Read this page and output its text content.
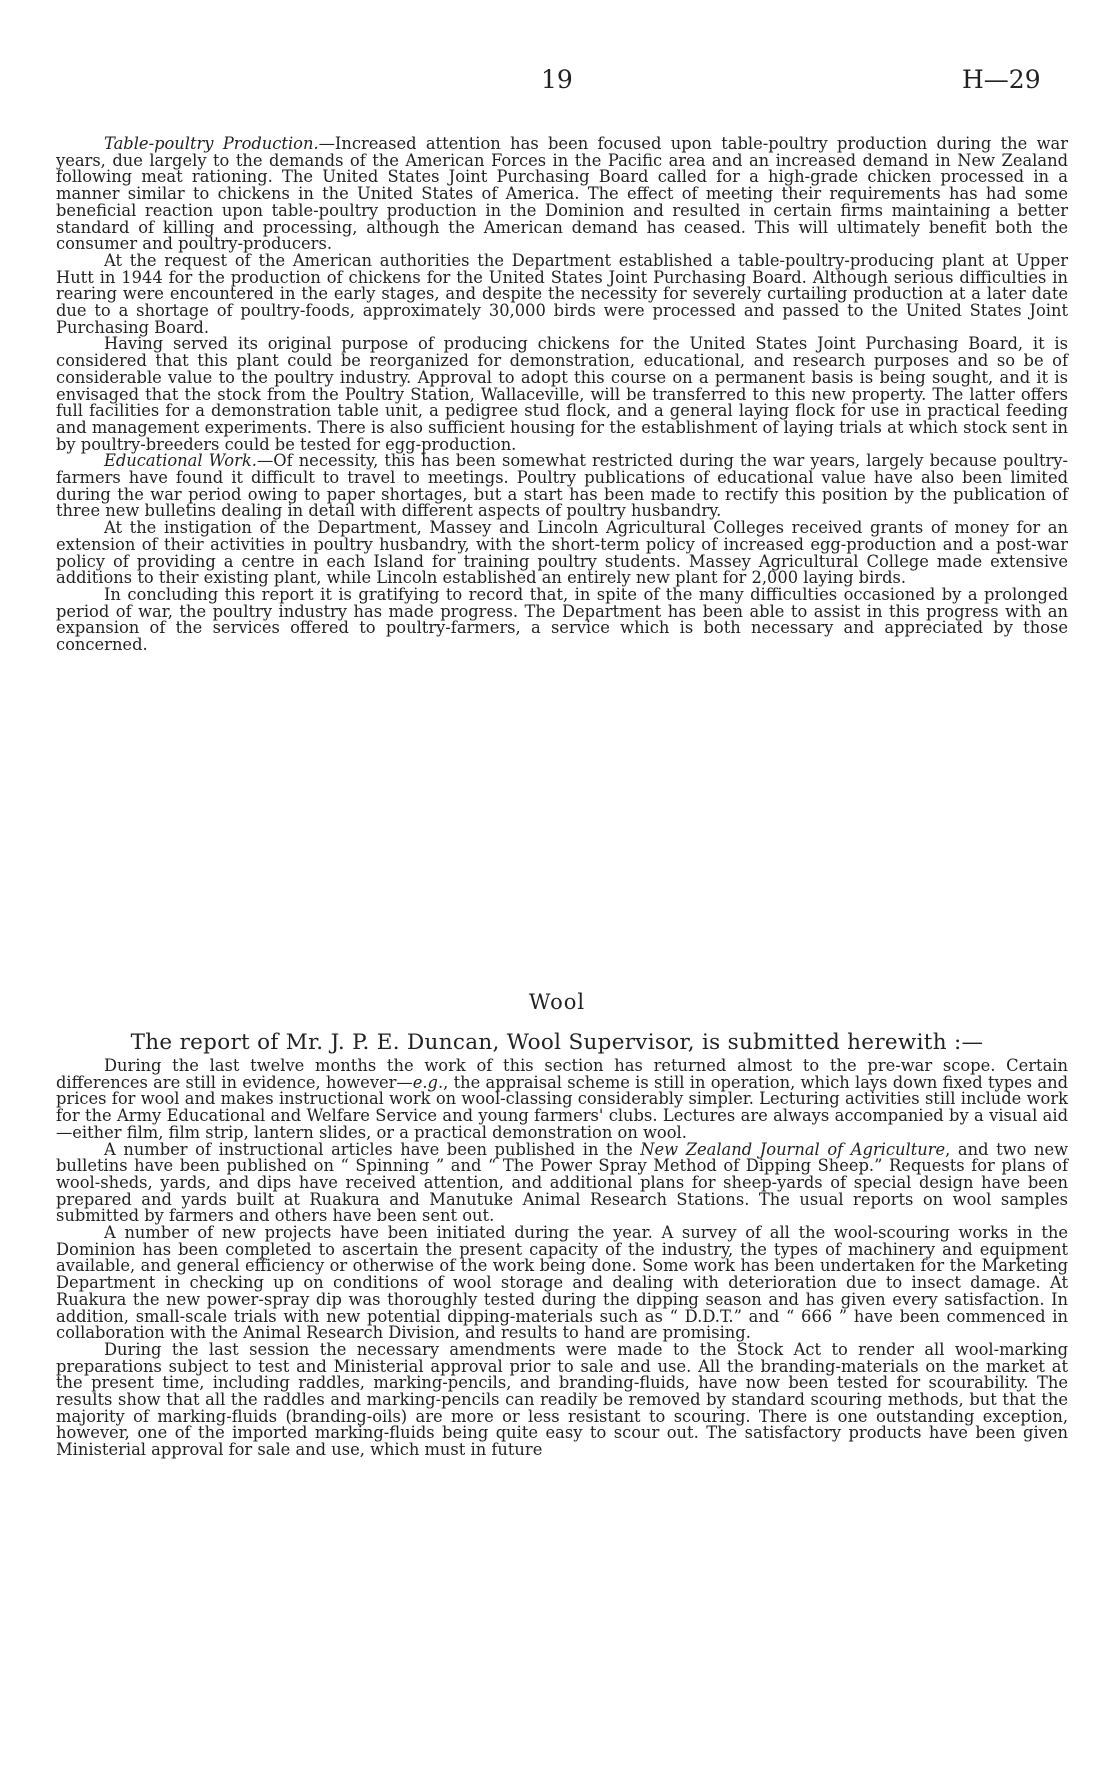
19	H—29

Table-poultry Production.—Increased attention has been focused upon table-poultry production during the war years, due largely to the demands of the American Forces in the Pacific area and an increased demand in New Zealand following meat rationing. The United States Joint Purchasing Board called for a high-grade chicken processed in a manner similar to chickens in the United States of America. The effect of meeting their requirements has had some beneficial reaction upon table-poultry production in the Dominion and resulted in certain firms maintaining a better standard of killing and processing, although the American demand has ceased. This will ultimately benefit both the consumer and poultry-producers.

At the request of the American authorities the Department established a table-poultry-producing plant at Upper Hutt in 1944 for the production of chickens for the United States Joint Purchasing Board. Although serious difficulties in rearing were encountered in the early stages, and despite the necessity for severely curtailing production at a later date due to a shortage of poultry-foods, approximately 30,000 birds were processed and passed to the United States Joint Purchasing Board.

Having served its original purpose of producing chickens for the United States Joint Purchasing Board, it is considered that this plant could be reorganized for demonstration, educational, and research purposes and so be of considerable value to the poultry industry. Approval to adopt this course on a permanent basis is being sought, and it is envisaged that the stock from the Poultry Station, Wallaceville, will be transferred to this new property. The latter offers full facilities for a demonstration table unit, a pedigree stud flock, and a general laying flock for use in practical feeding and management experiments. There is also sufficient housing for the establishment of laying trials at which stock sent in by poultry-breeders could be tested for egg-production.

Educational Work.—Of necessity, this has been somewhat restricted during the war years, largely because poultry-farmers have found it difficult to travel to meetings. Poultry publications of educational value have also been limited during the war period owing to paper shortages, but a start has been made to rectify this position by the publication of three new bulletins dealing in detail with different aspects of poultry husbandry.

At the instigation of the Department, Massey and Lincoln Agricultural Colleges received grants of money for an extension of their activities in poultry husbandry, with the short-term policy of increased egg-production and a post-war policy of providing a centre in each Island for training poultry students. Massey Agricultural College made extensive additions to their existing plant, while Lincoln established an entirely new plant for 2,000 laying birds.

In concluding this report it is gratifying to record that, in spite of the many difficulties occasioned by a prolonged period of war, the poultry industry has made progress. The Department has been able to assist in this progress with an expansion of the services offered to poultry-farmers, a service which is both necessary and appreciated by those concerned.

Wool
The report of Mr. J. P. E. Duncan, Wool Supervisor, is submitted herewith :—

During the last twelve months the work of this section has returned almost to the pre-war scope. Certain differences are still in evidence, however—e.g., the appraisal scheme is still in operation, which lays down fixed types and prices for wool and makes instructional work on wool-classing considerably simpler. Lecturing activities still include work for the Army Educational and Welfare Service and young farmers' clubs. Lectures are always accompanied by a visual aid—either film, film strip, lantern slides, or a practical demonstration on wool.

A number of instructional articles have been published in the New Zealand Journal of Agriculture, and two new bulletins have been published on “ Spinning ” and “ The Power Spray Method of Dipping Sheep.” Requests for plans of wool-sheds, yards, and dips have received attention, and additional plans for sheep-yards of special design have been prepared and yards built at Ruakura and Manutuke Animal Research Stations. The usual reports on wool samples submitted by farmers and others have been sent out.

A number of new projects have been initiated during the year. A survey of all the wool-scouring works in the Dominion has been completed to ascertain the present capacity of the industry, the types of machinery and equipment available, and general efficiency or otherwise of the work being done. Some work has been undertaken for the Marketing Department in checking up on conditions of wool storage and dealing with deterioration due to insect damage. At Ruakura the new power-spray dip was thoroughly tested during the dipping season and has given every satisfaction. In addition, small-scale trials with new potential dipping-materials such as “ D.D.T.” and “ 666 ” have been commenced in collaboration with the Animal Research Division, and results to hand are promising.

During the last session the necessary amendments were made to the Stock Act to render all wool-marking preparations subject to test and Ministerial approval prior to sale and use. All the branding-materials on the market at the present time, including raddles, marking-pencils, and branding-fluids, have now been tested for scourability. The results show that all the raddles and marking-pencils can readily be removed by standard scouring methods, but that the majority of marking-fluids (branding-oils) are more or less resistant to scouring. There is one outstanding exception, however, one of the imported marking-fluids being quite easy to scour out. The satisfactory products have been given Ministerial approval for sale and use, which must in future
